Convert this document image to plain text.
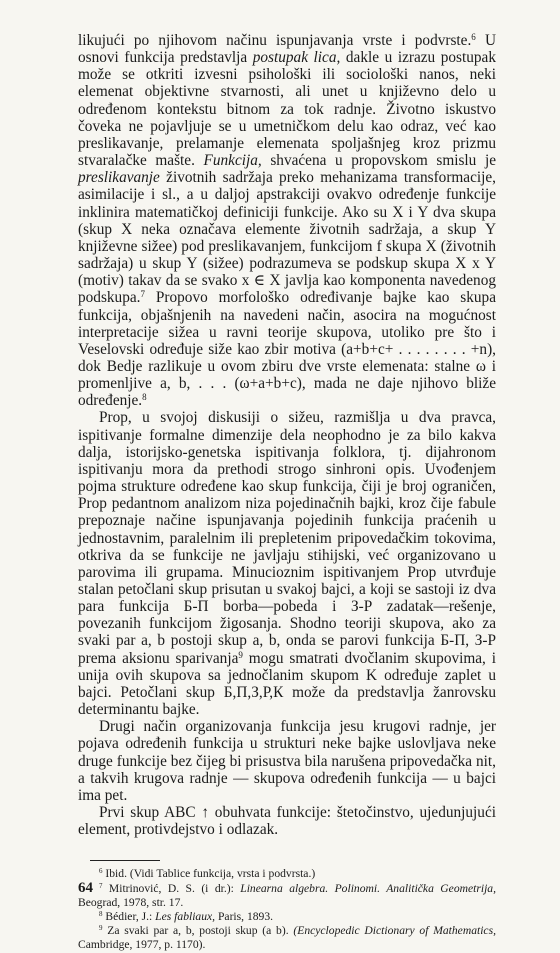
likujući po njihovom načinu ispunjavanja vrste i podvrste.$^6$ U osnovi funkcija predstavlja postupak lica, dakle u izrazu postupak može se otkriti izvesni psihološki ili sociološki nanos, neki elemenat objektivne stvarnosti, ali unet u književno delo u određenom kontekstu bitnom za tok radnje. Životno iskustvo čoveka ne pojavljuje se u umetničkom delu kao odraz, već kao preslikavanje, prelamanje elemenata spoljašnjeg kroz prizmu stvaralačke mašte. Funkcija, shvaćena u propovskom smislu je preslikavanje životnih sadržaja preko mehanizama transformacije, asimilacije i sl., a u daljoj apstrakciji ovakvo određenje funkcije inklinira matematičkoj definiciji funkcije. Ako su X i Y dva skupa (skup X neka označava elemente životnih sadržaja, a skup Y književne sižee) pod preslikavanjem, funkcijom f skupa X (životnih sadržaja) u skup Y (sižee) podrazumeva se podskup skupa X x Y (motiv) takav da se svako x ∈ X javlja kao komponenta navedenog podskupa.$^7$ Propovo morfološko određivanje bajke kao skupa funkcija, objašnjenih na navedeni način, asocira na mogućnost interpretacije sižea u ravni teorije skupova, utoliko pre što i Veselovski određuje siže kao zbir motiva (a+b+c+ . . . . . . . . +n), dok Bedje razlikuje u ovom zbiru dve vrste elemenata: stalne ω i promenljive a, b, . . . (ω+a+b+c), mada ne daje njihovo bliže određenje.$^8$

Prop, u svojoj diskusiji o sižeu, razmišlja u dva pravca, ispitivanje formalne dimenzije dela neophodno je za bilo kakva dalja, istorijsko-genetska ispitivanja folklora, tj. dijahronom ispitivanju mora da prethodi strogo sinhroni opis. Uvođenjem pojma strukture određene kao skup funkcija, čiji je broj ograničen, Prop pedantnom analizom niza pojedinačnih bajki, kroz čije fabule prepoznaje načine ispunjavanja pojedinih funkcija praćenih u jednostavnim, paralelnim ili prepletenim pripovedačkim tokovima, otkriva da se funkcije ne javljaju stihijski, već organizovano u parovima ili grupama. Minucioznim ispitivanjem Prop utvrđuje stalan petočlani skup prisutan u svakoj bajci, a koji se sastoji iz dva para funkcija Б-П borba—pobeda i З-Р zadatak—rešenje, povezanih funkcijom žigosanja. Shodno teoriji skupova, ako za svaki par a, b postoji skup a, b, onda se parovi funkcija Б-П, З-Р prema aksionu sparivanja$^9$ mogu smatrati dvočlanim skupovima, i unija ovih skupova sa jednočlanim skupom K određuje zaplet u bajci. Petočlani skup Б,П,З,Р,К može da predstavlja žanrovsku determinantu bajke.

Drugi način organizovanja funkcija jesu krugovi radnje, jer pojava određenih funkcija u strukturi neke bajke uslovljava neke druge funkcije bez čijeg bi prisustva bila narušena pripovedačka nit, a takvih krugova radnje — skupova određenih funkcija — u bajci ima pet.

Prvi skup ABC ↑ obuhvata funkcije: štetočinstvo, ujedunjujući element, protivdejstvo i odlazak.

$^6$ Ibid. (Vidi Tablice funkcija, vrsta i podvrsta.)

$^7$ Mitrinović, D. S. (i dr.): Linearna algebra. Polinomi. Analitička Geometrija, Beograd, 1978, str. 17.

$^8$ Bédier, J.: Les fabliaux, Paris, 1893.

$^9$ Za svaki par a, b, postoji skup (a b). (Encyclopedic Dictionary of Mathematics, Cambridge, 1977, p. 1170).

64
